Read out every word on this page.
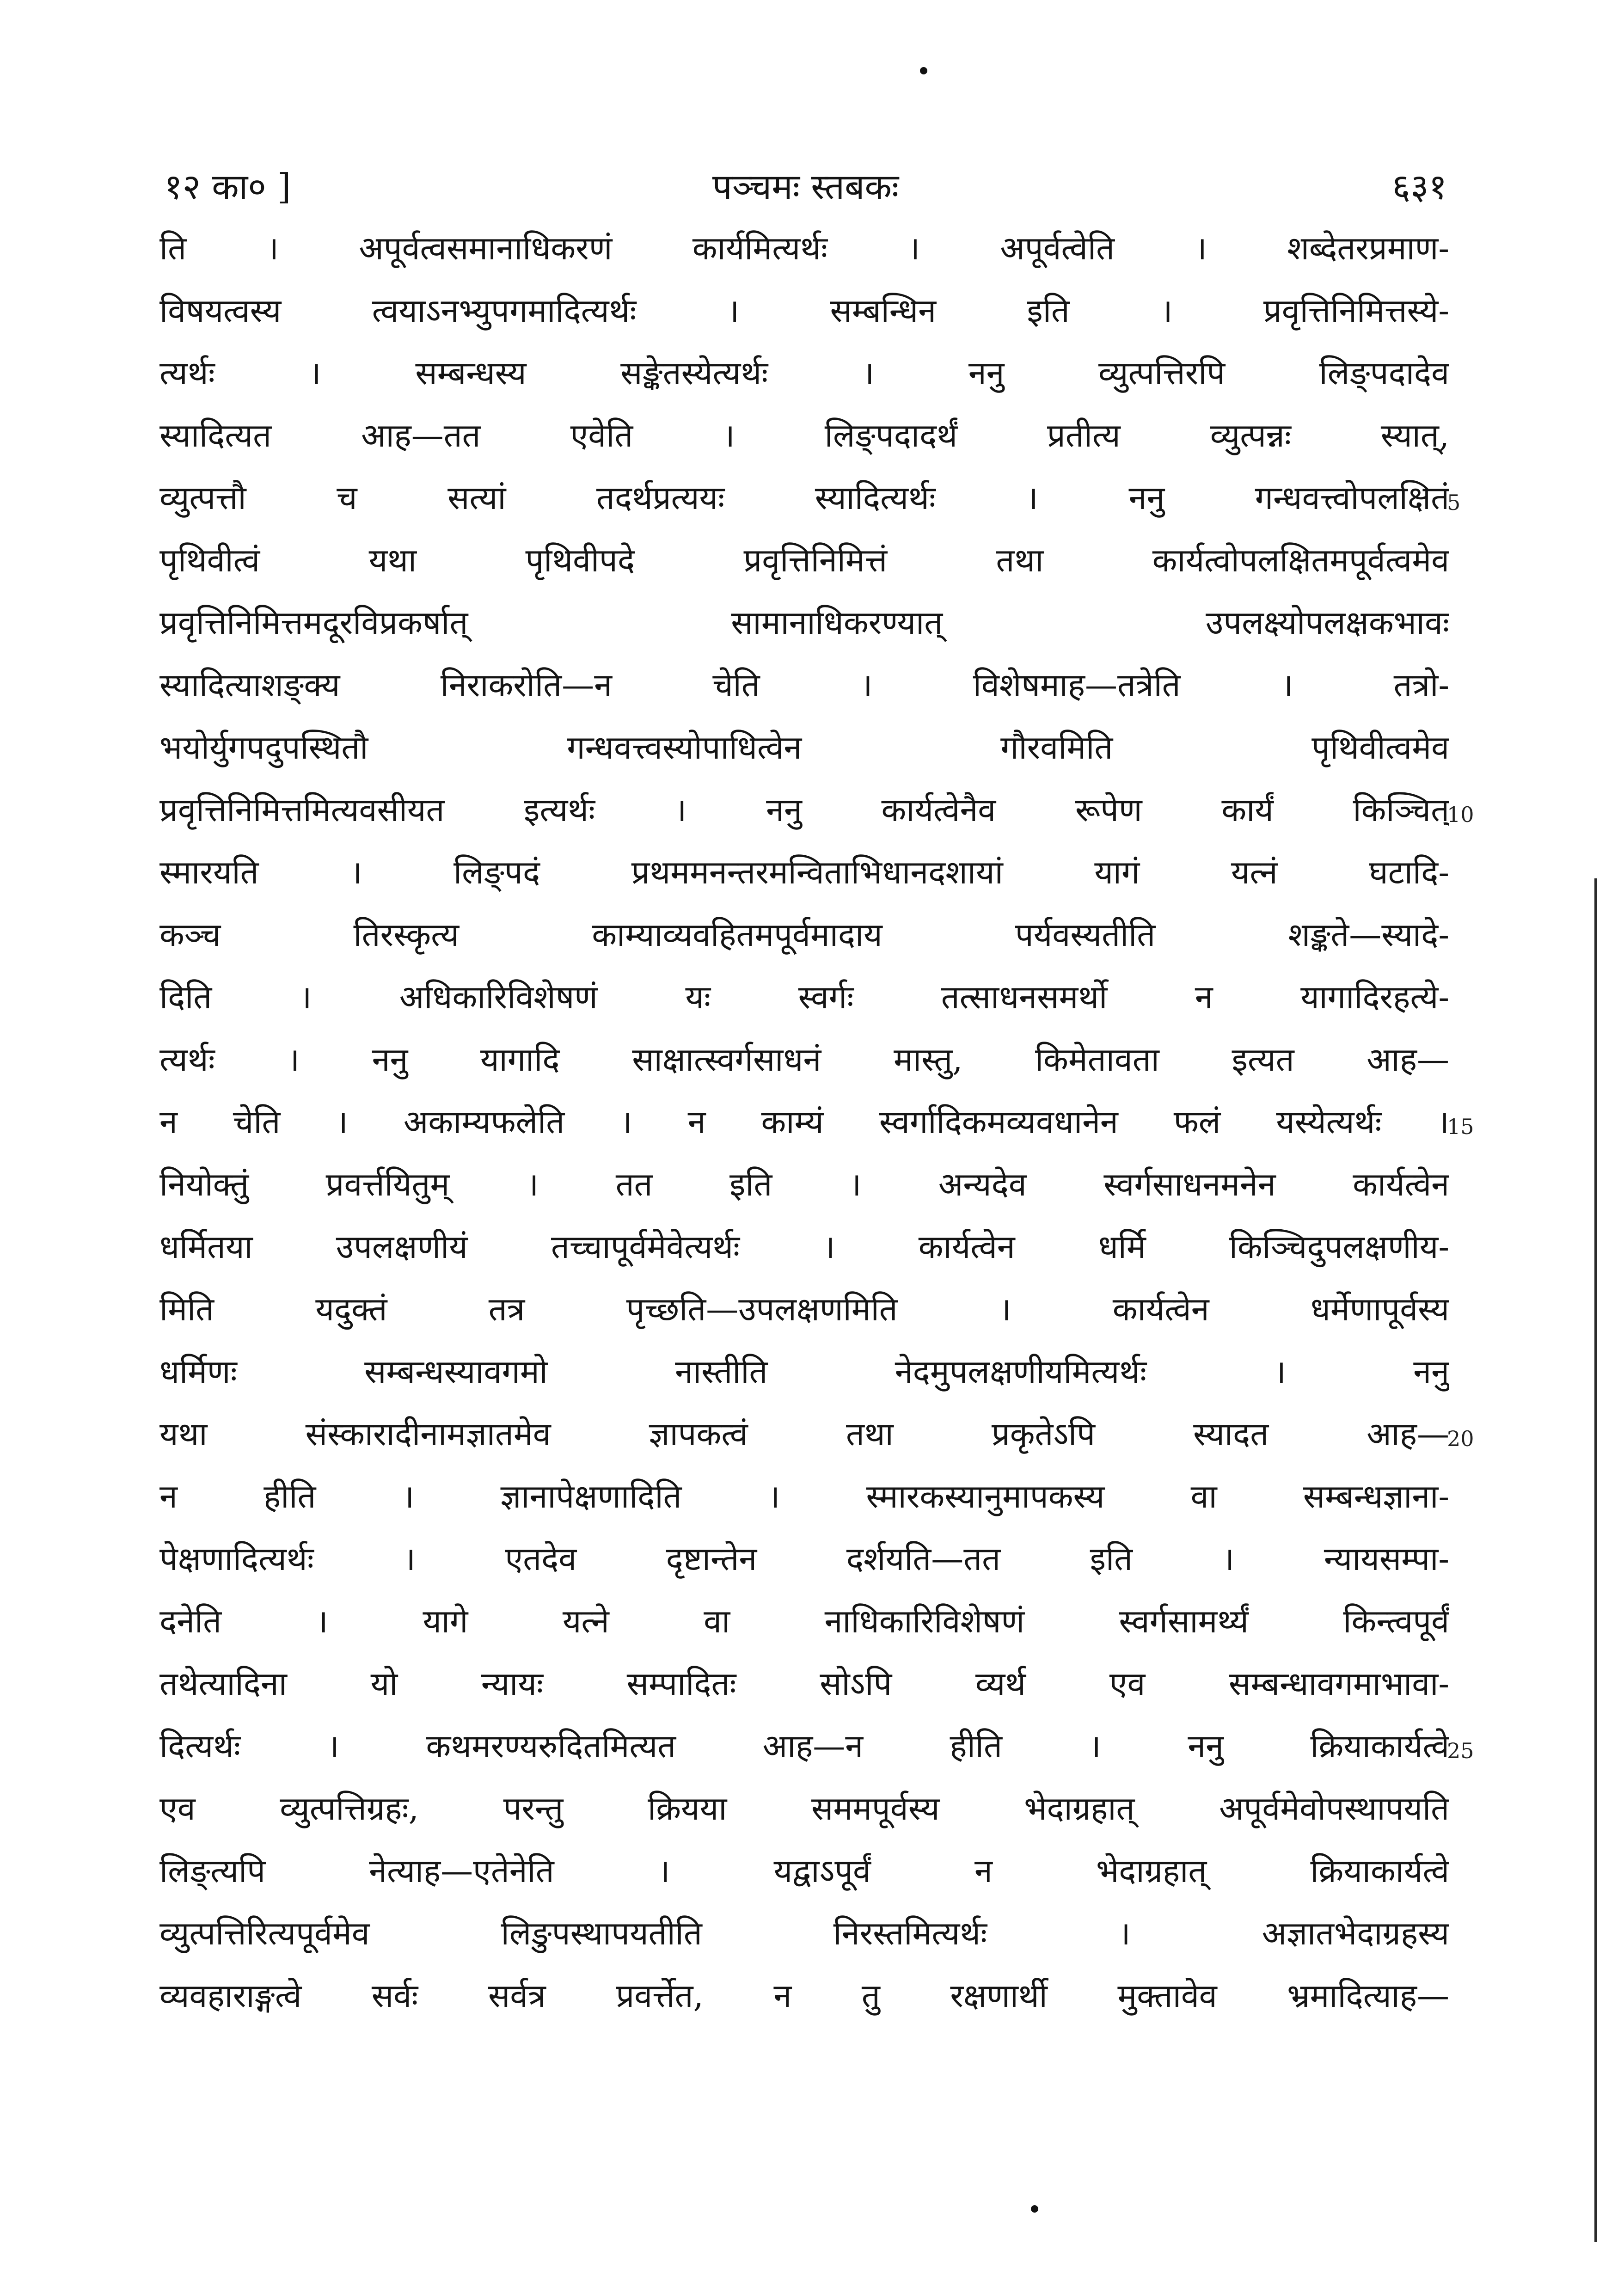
१२ का० ]	पञ्चमः स्तबकः	६३१
ति । अपूर्वत्वसमानाधिकरणं कार्यमित्यर्थः । अपूर्वत्वेति । शब्देतरप्रमाण-
विषयत्वस्य त्वयाऽनभ्युपगमादित्यर्थः । सम्बन्धिन इति । प्रवृत्तिनिमित्तस्ये-
त्यर्थः । सम्बन्धस्य सङ्केतस्येत्यर्थः । ननु व्युत्पत्तिरपि लिङ्पदादेव
स्यादित्यत आह—तत एवेति । लिङ्पदादर्थं प्रतीत्य व्युत्पन्नः स्यात्,
व्युत्पत्तौ च सत्यां तदर्थप्रत्ययः स्यादित्यर्थः । ननु गन्धवत्त्वोपलक्षितं
पृथिवीत्वं यथा पृथिवीपदे प्रवृत्तिनिमित्तं तथा कार्यत्वोपलक्षितमपूर्वत्वमेव
प्रवृत्तिनिमित्तमदूरविप्रकर्षात् सामानाधिकरण्यात् उपलक्ष्योपलक्षकभावः
स्यादित्याशङ्क्य निराकरोति—न चेति । विशेषमाह—तत्रेति । तत्रो-
भयोर्युगपदुपस्थितौ गन्धवत्त्वस्योपाधित्वेन गौरवमिति पृथिवीत्वमेव
प्रवृत्तिनिमित्तमित्यवसीयत इत्यर्थः । ननु कार्यत्वेनैव रूपेण कार्यं किञ्चित्
स्मारयति । लिङ्पदं प्रथममनन्तरमन्विताभिधानदशायां यागं यत्नं घटादि-
कञ्च तिरस्कृत्य काम्याव्यवहितमपूर्वमादाय पर्यवस्यतीति शङ्कते—स्यादे-
दिति । अधिकारिविशेषणं यः स्वर्गः तत्साधनसमर्थो न यागादिरहत्ये-
त्यर्थः । ननु यागादि साक्षात्स्वर्गसाधनं मास्तु, किमेतावता इत्यत आह—
न चेति । अकाम्यफलेति । न काम्यं स्वर्गादिकमव्यवधानेन फलं यस्येत्यर्थः ।
नियोक्तुं प्रवर्त्तयितुम् । तत इति । अन्यदेव स्वर्गसाधनमनेन कार्यत्वेन
धर्मितया उपलक्षणीयं तच्चापूर्वमेवेत्यर्थः । कार्यत्वेन धर्मि किञ्चिदुपलक्षणीय-
मिति यदुक्तं तत्र पृच्छति—उपलक्षणमिति । कार्यत्वेन धर्मेणापूर्वस्य
धर्मिणः सम्बन्धस्यावगमो नास्तीति नेदमुपलक्षणीयमित्यर्थः । ननु
यथा संस्कारादीनामज्ञातमेव ज्ञापकत्वं तथा प्रकृतेऽपि स्यादत आह—
न हीति । ज्ञानापेक्षणादिति । स्मारकस्यानुमापकस्य वा सम्बन्धज्ञाना-
पेक्षणादित्यर्थः । एतदेव दृष्टान्तेन दर्शयति—तत इति । न्यायसम्पा-
दनेति । यागे यत्ने वा नाधिकारिविशेषणं स्वर्गसामर्थ्यं किन्त्वपूर्वं
तथेत्यादिना यो न्यायः सम्पादितः सोऽपि व्यर्थ एव सम्बन्धावगमाभावा-
दित्यर्थः । कथमरण्यरुदितमित्यत आह—न हीति । ननु क्रियाकार्यत्वे
एव व्युत्पत्तिग्रहः, परन्तु क्रियया सममपूर्वस्य भेदाग्रहात् अपूर्वमेवोपस्थापयति
लिङ्त्यपि नेत्याह—एतेनेति । यद्वाऽपूर्वं न भेदाग्रहात् क्रियाकार्यत्वे
व्युत्पत्तिरित्यपूर्वमेव लिङुपस्थापयतीति निरस्तमित्यर्थः । अज्ञातभेदाग्रहस्य
व्यवहाराङ्गत्वे सर्वः सर्वत्र प्रवर्त्तेत, न तु रक्षणार्थी मुक्तावेव भ्रमादित्याह—
5
10
15
20
25
